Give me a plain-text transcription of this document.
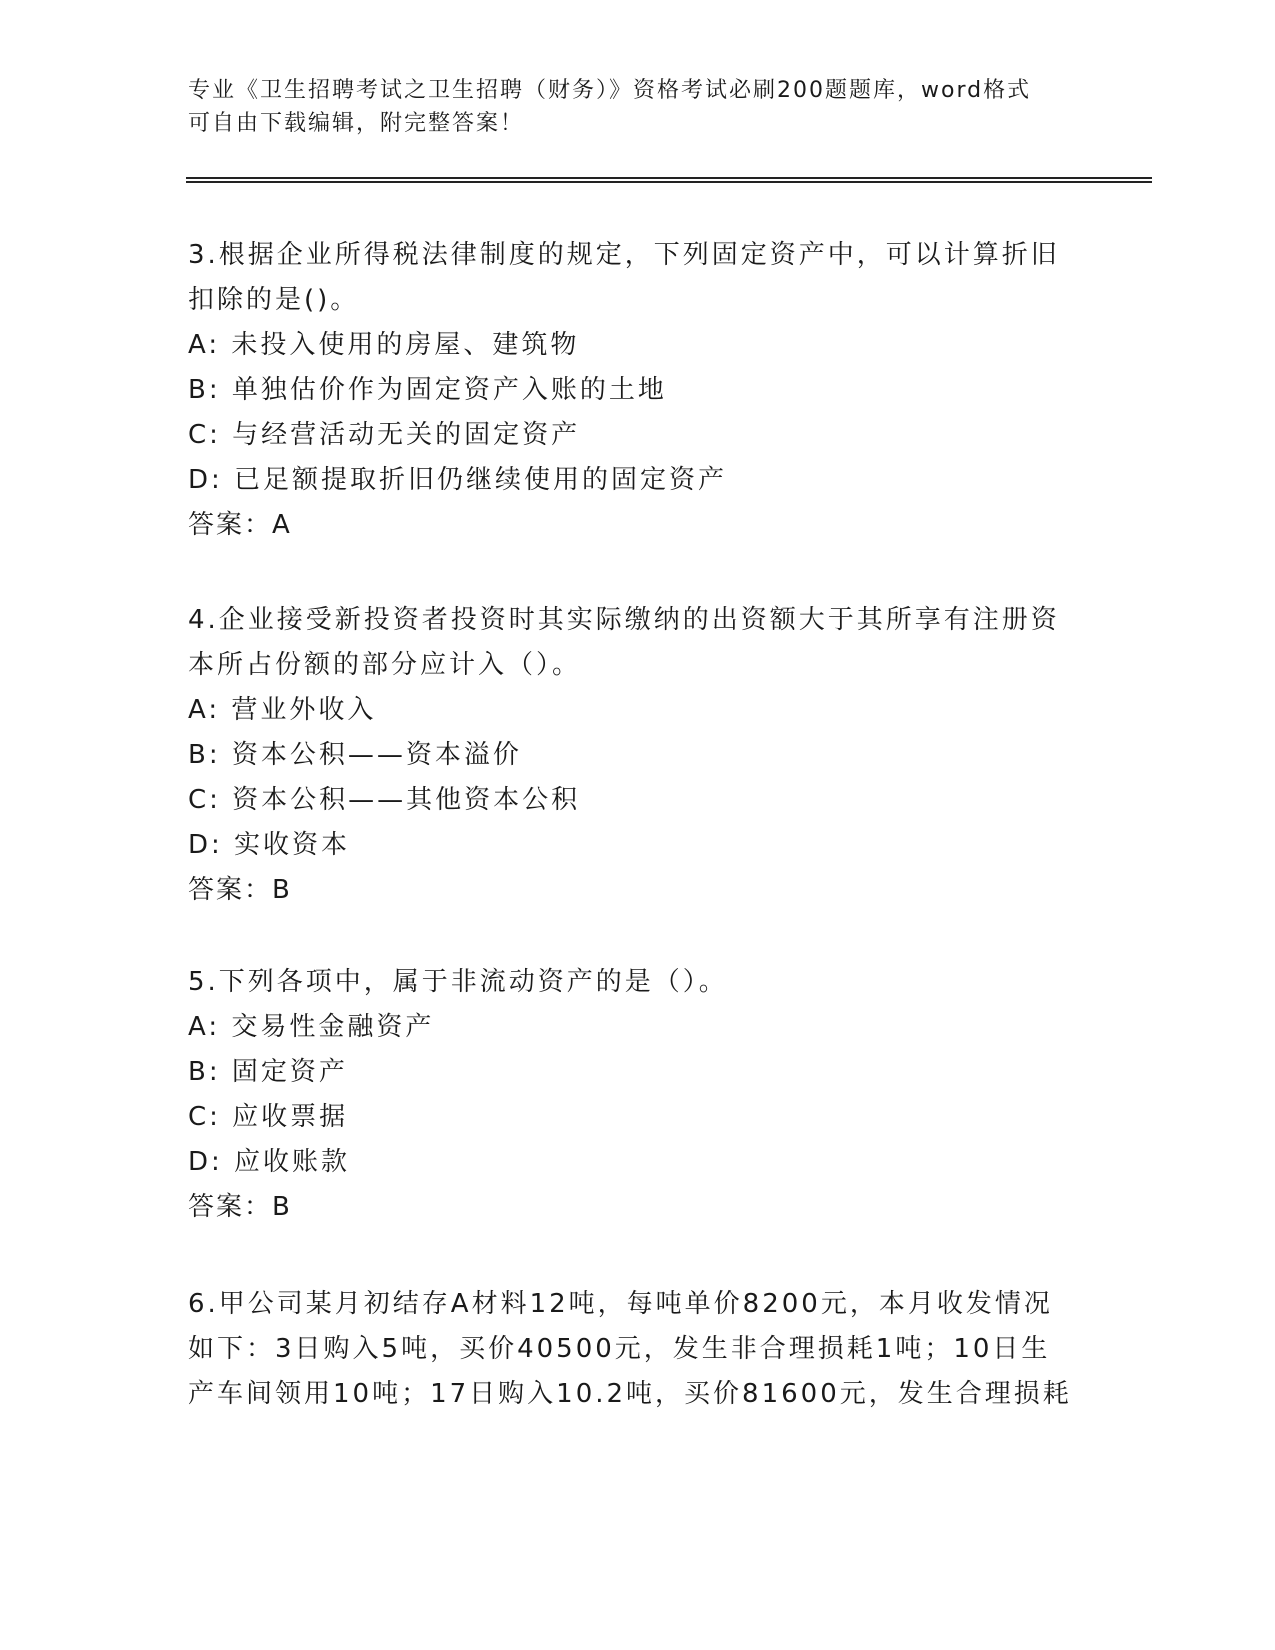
专业《卫生招聘考试之卫生招聘（财务）》资格考试必刷200题题库，word格式
可自由下载编辑，附完整答案！
3.根据企业所得税法律制度的规定，下列固定资产中，可以计算折旧
扣除的是()。
A: 未投入使用的房屋、建筑物
B: 单独估价作为固定资产入账的土地
C: 与经营活动无关的固定资产
D: 已足额提取折旧仍继续使用的固定资产
答案：A
4.企业接受新投资者投资时其实际缴纳的出资额大于其所享有注册资
本所占份额的部分应计入（）。
A: 营业外收入
B: 资本公积——资本溢价
C: 资本公积——其他资本公积
D: 实收资本
答案：B
5.下列各项中，属于非流动资产的是（）。
A: 交易性金融资产
B: 固定资产
C: 应收票据
D: 应收账款
答案：B
6.甲公司某月初结存A材料12吨，每吨单价8200元，本月收发情况
如下：3日购入5吨，买价40500元，发生非合理损耗1吨；10日生
产车间领用10吨；17日购入10.2吨，买价81600元，发生合理损耗
